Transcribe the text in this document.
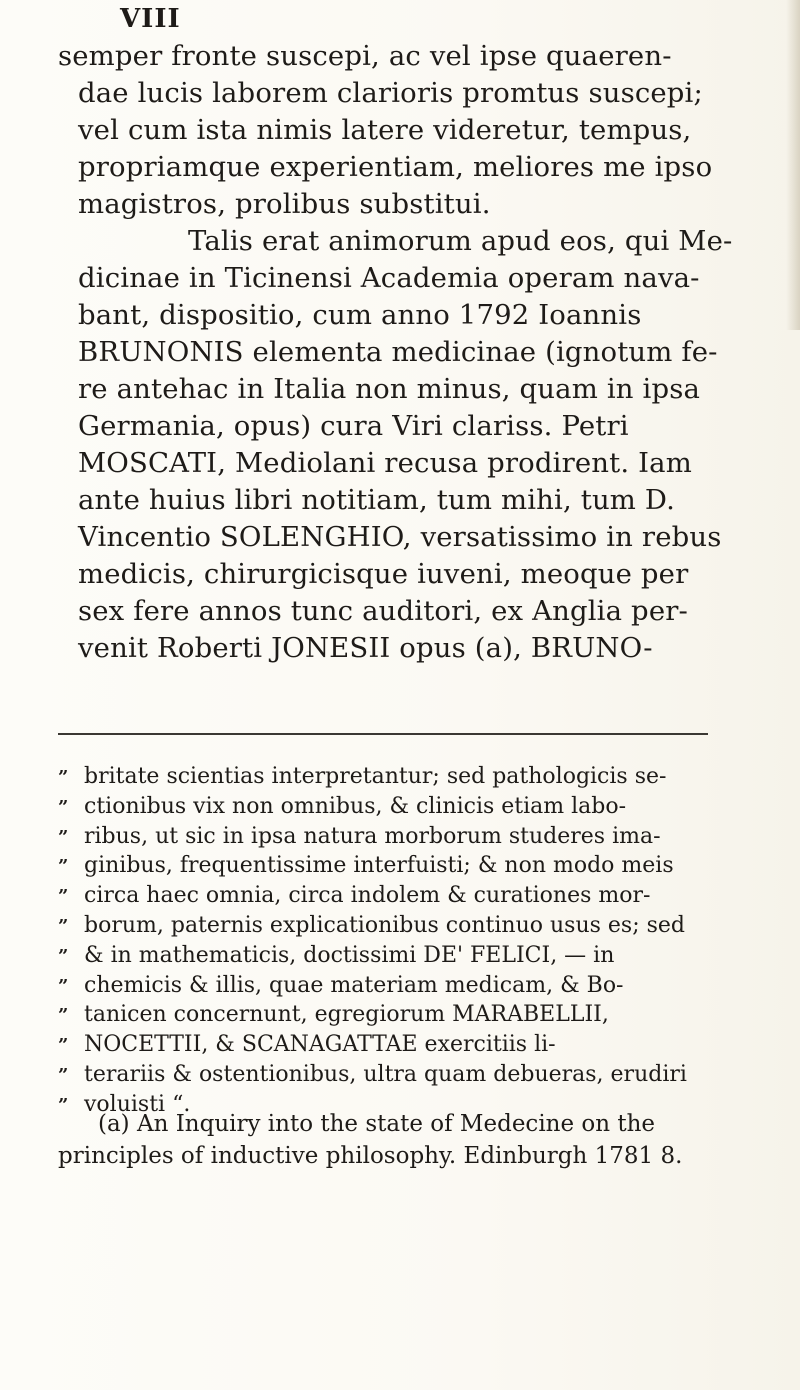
VIII
semper fronte suscepi, ac vel ipse quaeren-
dae lucis laborem clarioris promtus suscepi;
vel cum ista nimis latere videretur, tempus,
propriamque experientiam, meliores me ipso
magistros, prolibus substitui.
Talis erat animorum apud eos, qui Me-
dicinae in Ticinensi Academia operam nava-
bant, dispositio, cum anno 1792 Ioannis
BRUNONIS elementa medicinae (ignotum fe-
re antehac in Italia non minus, quam in ipsa
Germania, opus) cura Viri clariss. Petri
MOSCATI, Mediolani recusa prodirent. Iam
ante huius libri notitiam, tum mihi, tum D.
Vincentio SOLENGHIO, versatissimo in rebus
medicis, chirurgicisque iuveni, meoque per
sex fere annos tunc auditori, ex Anglia per-
venit Roberti JONESII opus (a), BRUNO-
” britate scientias interpretantur; sed pathologicis se-
” ctionibus vix non omnibus, & clinicis etiam labo-
” ribus, ut sic in ipsa natura morborum studeres ima-
” ginibus, frequentissime interfuisti; & non modo meis
” circa haec omnia, circa indolem & curationes mor-
” borum, paternis explicationibus continuo usus es; sed
” & in mathematicis, doctissimi DE' FELICI, — in
” chemicis & illis, quae materiam medicam, & Bo-
” tanicen concernunt, egregiorum MARABELLII,
” NOCETTII, & SCANAGATTAE exercitiis li-
” terariis & ostentionibus, ultra quam debueras, erudiri
” voluisti “.
(a) An Inquiry into the state of Medecine on the
principles of inductive philosophy. Edinburgh 1781 8.
